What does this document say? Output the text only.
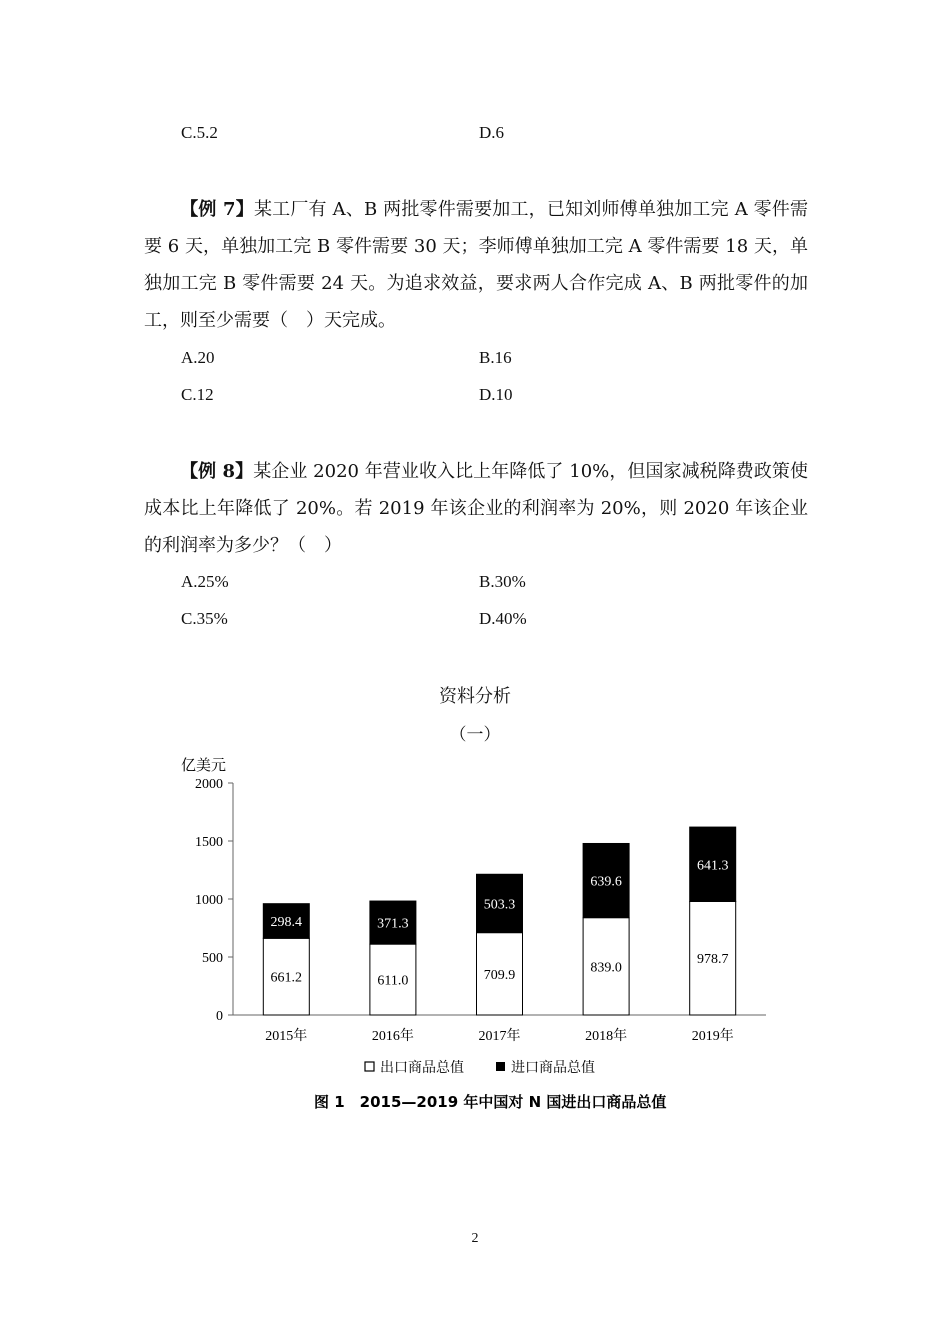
C.5.2	D.6
【例 7】某工厂有 A、B 两批零件需要加工，已知刘师傅单独加工完 A 零件需要 6 天，单独加工完 B 零件需要 30 天；李师傅单独加工完 A 零件需要 18 天，单独加工完 B 零件需要 24 天。为追求效益，要求两人合作完成 A、B 两批零件的加工，则至少需要（　）天完成。
A.20	B.16
C.12	D.10
【例 8】某企业 2020 年营业收入比上年降低了 10%，但国家减税降费政策使成本比上年降低了 20%。若 2019 年该企业的利润率为 20%，则 2020 年该企业的利润率为多少？（　）
A.25%	B.30%
C.35%	D.40%
资料分析
（一）
亿美元
0
500
1000
1500
2000
661.2
298.4
611.0
371.3
709.9
503.3
839.0
639.6
978.7
641.3
2015年	2016年	2017年	2018年	2019年
出口商品总值	进口商品总值
图 1　2015—2019 年中国对 N 国进出口商品总值
2
